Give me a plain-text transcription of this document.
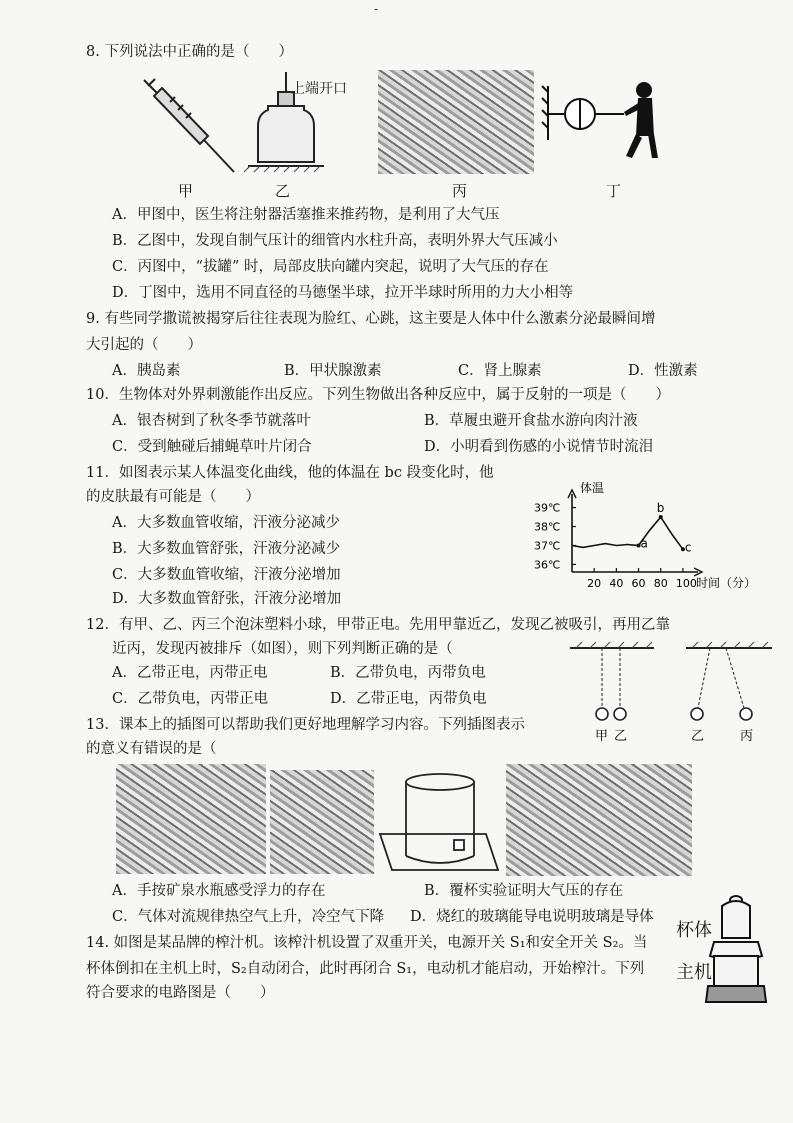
-
8. 下列说法中正确的是（　　）
上端开口
甲	乙	丙	丁
A．甲图中，医生将注射器活塞推来推药物，是利用了大气压
B．乙图中，发现自制气压计的细管内水柱升高，表明外界大气压减小
C．丙图中，“拔罐” 时，局部皮肤向罐内突起，说明了大气压的存在
D．丁图中，选用不同直径的马德堡半球，拉开半球时所用的力大小相等
9. 有些同学撒谎被揭穿后往往表现为脸红、心跳，这主要是人体中什么激素分泌最瞬间增
大引起的（　　）
A．胰岛素	B．甲状腺激素	C．肾上腺素	D．性激素
10．生物体对外界刺激能作出反应。下列生物做出各种反应中，属于反射的一项是（　　）
A．银杏树到了秋冬季节就落叶	B．草履虫避开食盐水游向肉汁液
C．受到触碰后捕蝇草叶片闭合	D．小明看到伤感的小说情节时流泪
11．如图表示某人体温变化曲线，他的体温在 bc 段变化时，他
的皮肤最有可能是（　　）
A．大多数血管收缩，汗液分泌减少
B．大多数血管舒张，汗液分泌减少
C．大多数血管收缩，汗液分泌增加
D．大多数血管舒张，汗液分泌增加
体温
时间（分）
39℃
38℃
37℃
36℃
20 40 60 80 100
a
b
c
12．有甲、乙、丙三个泡沫塑料小球，甲带正电。先用甲靠近乙，发现乙被吸引，再用乙靠
近丙，发现丙被排斥（如图），则下列判断正确的是（
A．乙带正电，丙带正电	B．乙带负电，丙带负电
C．乙带负电，丙带正电	D．乙带正电，丙带负电
甲 乙	乙	丙
13．课本上的插图可以帮助我们更好地理解学习内容。下列插图表示
的意义有错误的是（
A．手按矿泉水瓶感受浮力的存在	B．覆杯实验证明大气压的存在
C．气体对流规律热空气上升，冷空气下降 D．烧红的玻璃能导电说明玻璃是导体
14. 如图是某品牌的榨汁机。该榨汁机设置了双重开关，电源开关 S₁和安全开关 S₂。当
杯体倒扣在主机上时，S₂自动闭合，此时再闭合 S₁，电动机才能启动，开始榨汁。下列
符合要求的电路图是（　　）
杯体
主机
